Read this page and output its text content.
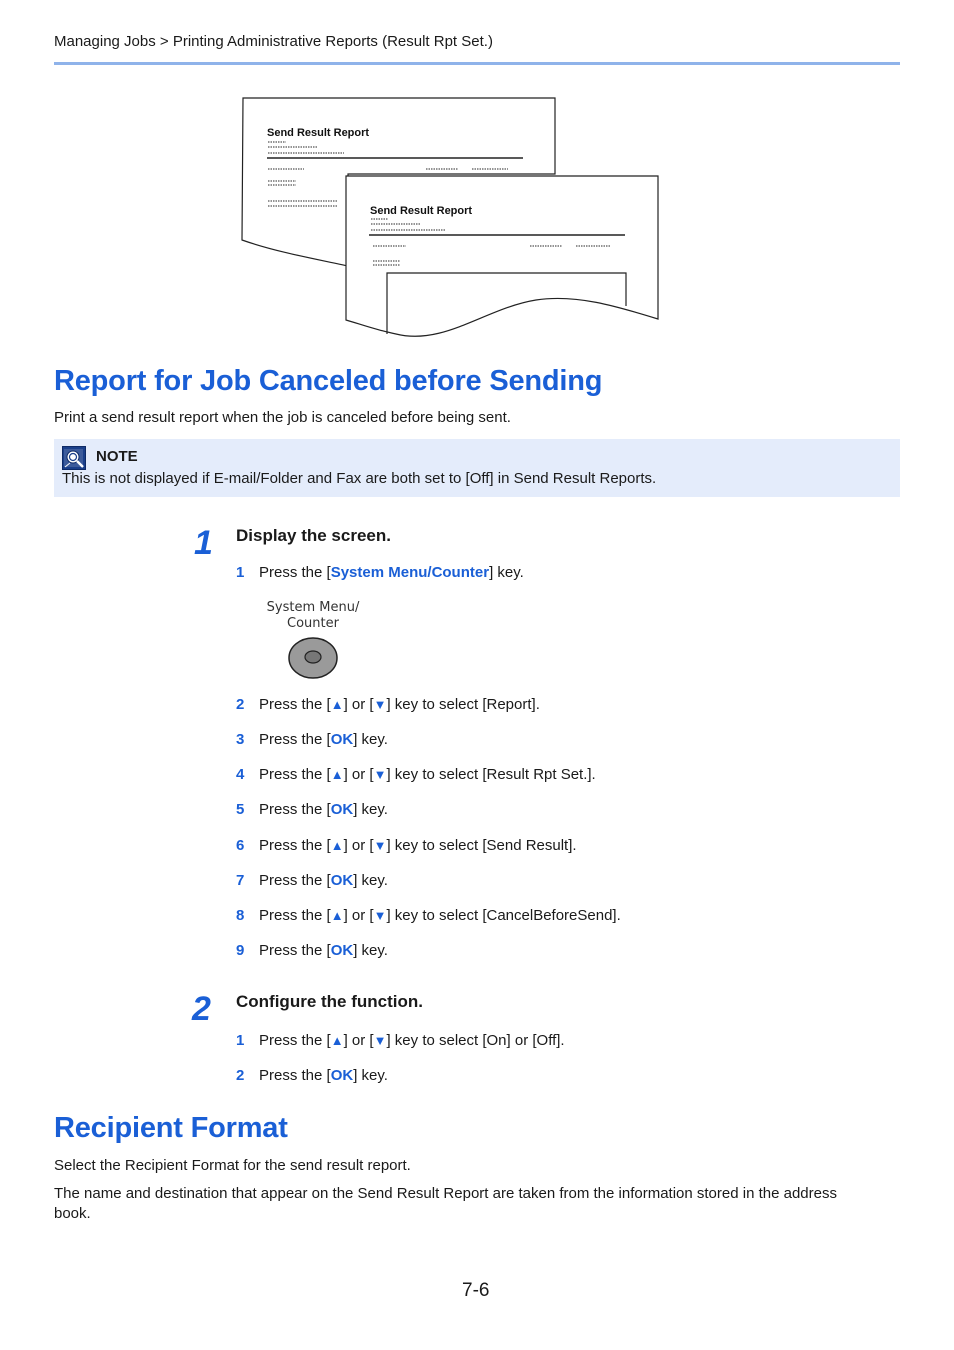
Managing Jobs > Printing Administrative Reports (Result Rpt Set.)
Send Result Report
Send Result Report
Report for Job Canceled before Sending
Print a send result report when the job is canceled before being sent.
NOTE
This is not displayed if E-mail/Folder and Fax are both set to [Off] in Send Result Reports.
1 Display the screen.
1 Press the [System Menu/Counter] key.
System Menu/
Counter
2 Press the [▲] or [▼] key to select [Report].
3 Press the [OK] key.
4 Press the [▲] or [▼] key to select [Result Rpt Set.].
5 Press the [OK] key.
6 Press the [▲] or [▼] key to select [Send Result].
7 Press the [OK] key.
8 Press the [▲] or [▼] key to select [CancelBeforeSend].
9 Press the [OK] key.
2 Configure the function.
1 Press the [▲] or [▼] key to select [On] or [Off].
2 Press the [OK] key.
Recipient Format
Select the Recipient Format for the send result report.
The name and destination that appear on the Send Result Report are taken from the information stored in the address
book.
7-6
